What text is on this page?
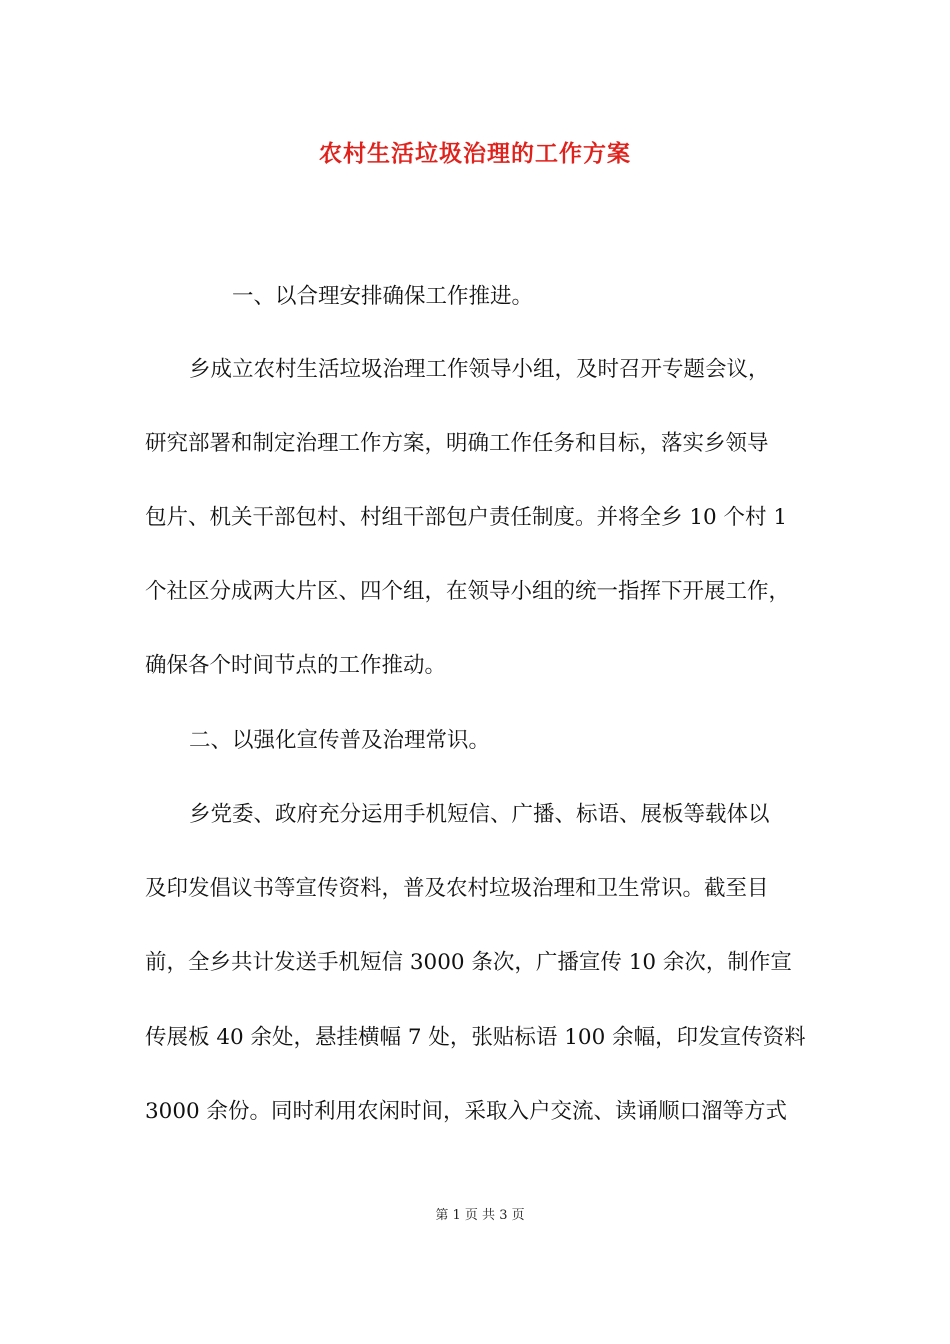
农村生活垃圾治理的工作方案
一、以合理安排确保工作推进。
乡成立农村生活垃圾治理工作领导小组，及时召开专题会议，
研究部署和制定治理工作方案，明确工作任务和目标，落实乡领导
包片、机关干部包村、村组干部包户责任制度。并将全乡 10 个村 1
个社区分成两大片区、四个组，在领导小组的统一指挥下开展工作，
确保各个时间节点的工作推动。
二、以强化宣传普及治理常识。
乡党委、政府充分运用手机短信、广播、标语、展板等载体以
及印发倡议书等宣传资料，普及农村垃圾治理和卫生常识。截至目
前，全乡共计发送手机短信 3000 条次，广播宣传 10 余次，制作宣
传展板 40 余处，悬挂横幅 7 处，张贴标语 100 余幅，印发宣传资料
3000 余份。同时利用农闲时间，采取入户交流、读诵顺口溜等方式
第 1 页 共 3 页
